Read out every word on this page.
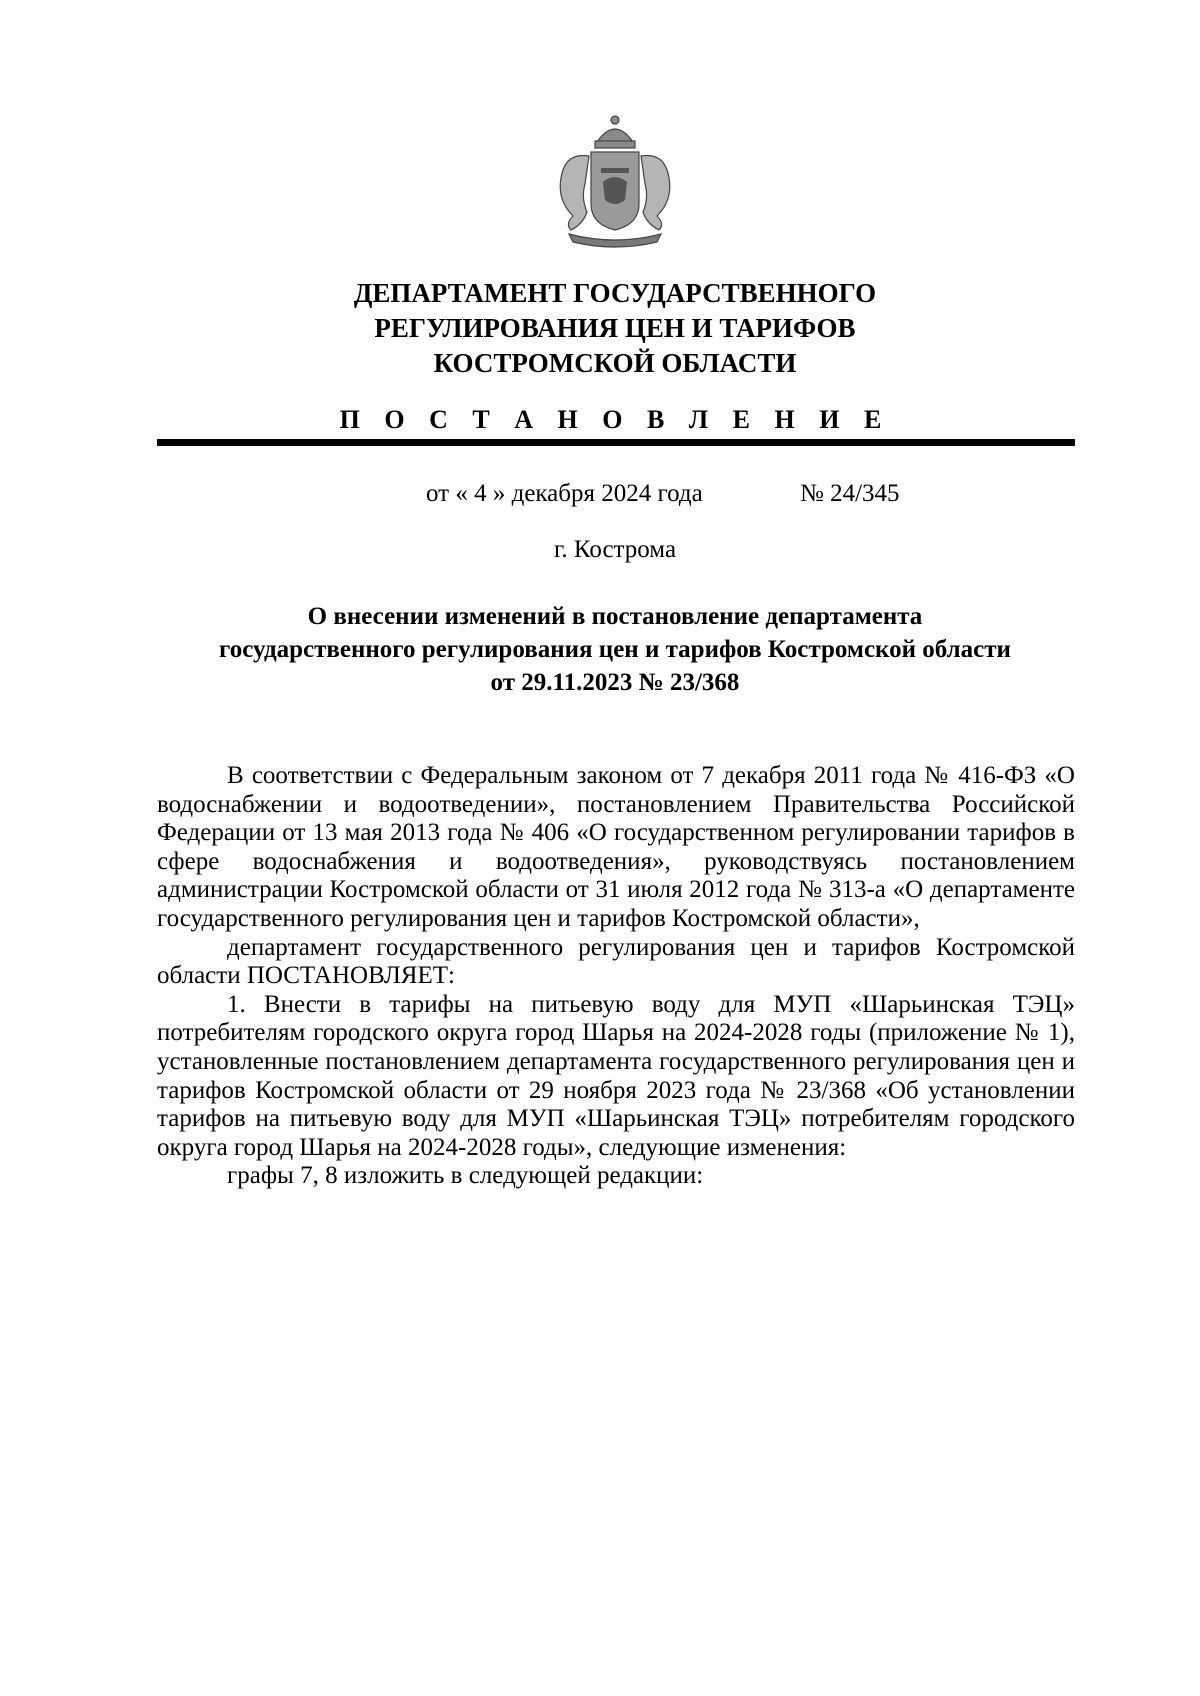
ДЕПАРТАМЕНТ ГОСУДАРСТВЕННОГО
РЕГУЛИРОВАНИЯ ЦЕН И ТАРИФОВ
КОСТРОМСКОЙ ОБЛАСТИ
П О С Т А Н О В Л Е Н И Е
от « 4 » декабря 2024 года	№ 24/345
г. Кострома
О внесении изменений в постановление департамента
государственного регулирования цен и тарифов Костромской области
от 29.11.2023 № 23/368

В соответствии с Федеральным законом от 7 декабря 2011 года № 416-ФЗ «О водоснабжении и водоотведении», постановлением Правительства Российской Федерации от 13 мая 2013 года № 406 «О государственном регулировании тарифов в сфере водоснабжения и водоотведения», руководствуясь постановлением администрации Костромской области от 31 июля 2012 года № 313-а «О департаменте государственного регулирования цен и тарифов Костромской области»,

департамент государственного регулирования цен и тарифов Костромской области ПОСТАНОВЛЯЕТ:

1. Внести в тарифы на питьевую воду для МУП «Шарьинская ТЭЦ» потребителям городского округа город Шарья на 2024-2028 годы (приложение № 1), установленные постановлением департамента государственного регулирования цен и тарифов Костромской области от 29 ноября 2023 года № 23/368 «Об установлении тарифов на питьевую воду для МУП «Шарьинская ТЭЦ» потребителям городского округа город Шарья на 2024-2028 годы», следующие изменения:

графы 7, 8 изложить в следующей редакции:
